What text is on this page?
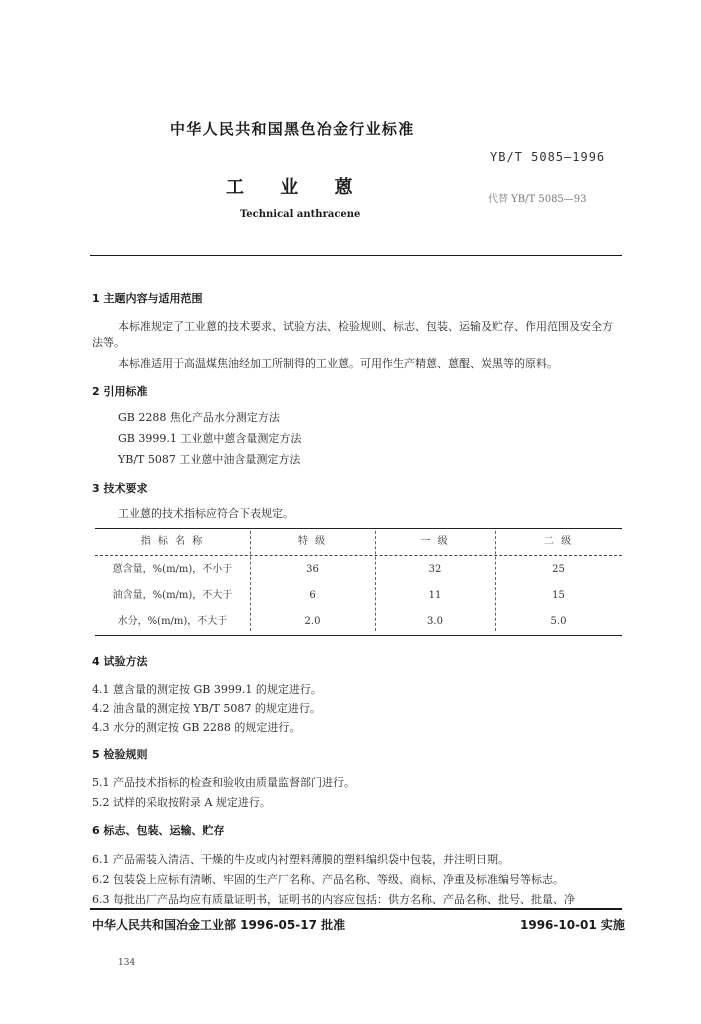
中华人民共和国黑色冶金行业标准
YB/T 5085—1996
工 业 蒽
代替 YB/T 5085—93
Technical anthracene
1 主题内容与适用范围
本标准规定了工业蒽的技术要求、试验方法、检验规则、标志、包装、运输及贮存、作用范围及安全方
法等。
本标准适用于高温煤焦油经加工所制得的工业蒽。可用作生产精蒽、蒽醌、炭黑等的原料。
2 引用标准
GB 2288 焦化产品水分测定方法
GB 3999.1 工业蒽中蒽含量测定方法
YB/T 5087 工业蒽中油含量测定方法
3 技术要求
工业蒽的技术指标应符合下表规定。
指 标 名 称	特 级	一 级	二 级
蒽含量，%(m/m)，不小于	36	32	25
油含量，%(m/m)，不大于	6	11	15
水分，%(m/m)，不大于	2.0	3.0	5.0
4 试验方法
4.1 蒽含量的测定按 GB 3999.1 的规定进行。
4.2 油含量的测定按 YB/T 5087 的规定进行。
4.3 水分的测定按 GB 2288 的规定进行。
5 检验规则
5.1 产品技术指标的检查和验收由质量监督部门进行。
5.2 试样的采取按附录 A 规定进行。
6 标志、包装、运输、贮存
6.1 产品需装入清洁、干燥的牛皮或内衬塑料薄膜的塑料编织袋中包装，并注明日期。
6.2 包装袋上应标有清晰、牢固的生产厂名称、产品名称、等级、商标、净重及标准编号等标志。
6.3 每批出厂产品均应有质量证明书，证明书的内容应包括：供方名称、产品名称、批号、批量、净
中华人民共和国冶金工业部 1996-05-17 批准	1996-10-01 实施
134
